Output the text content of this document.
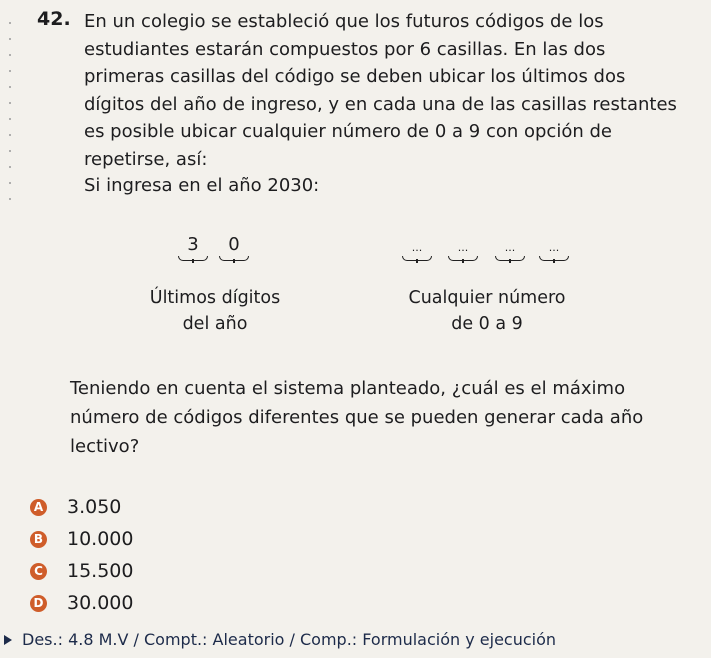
42. En un colegio se estableció que los futuros códigos de los estudiantes estarán compuestos por 6 casillas. En las dos primeras casillas del código se deben ubicar los últimos dos dígitos del año de ingreso, y en cada una de las casillas restantes es posible ubicar cualquier número de 0 a 9 con opción de repetirse, así:
Si ingresa en el año 2030:
3	0	...	...	...	...
Últimos dígitos
del año
Cualquier número
de 0 a 9
Teniendo en cuenta el sistema planteado, ¿cuál es el máximo número de códigos diferentes que se pueden generar cada año lectivo?
A 3.050
B 10.000
C 15.500
D 30.000
Des.: 4.8 M.V / Compt.: Aleatorio / Comp.: Formulación y ejecución
